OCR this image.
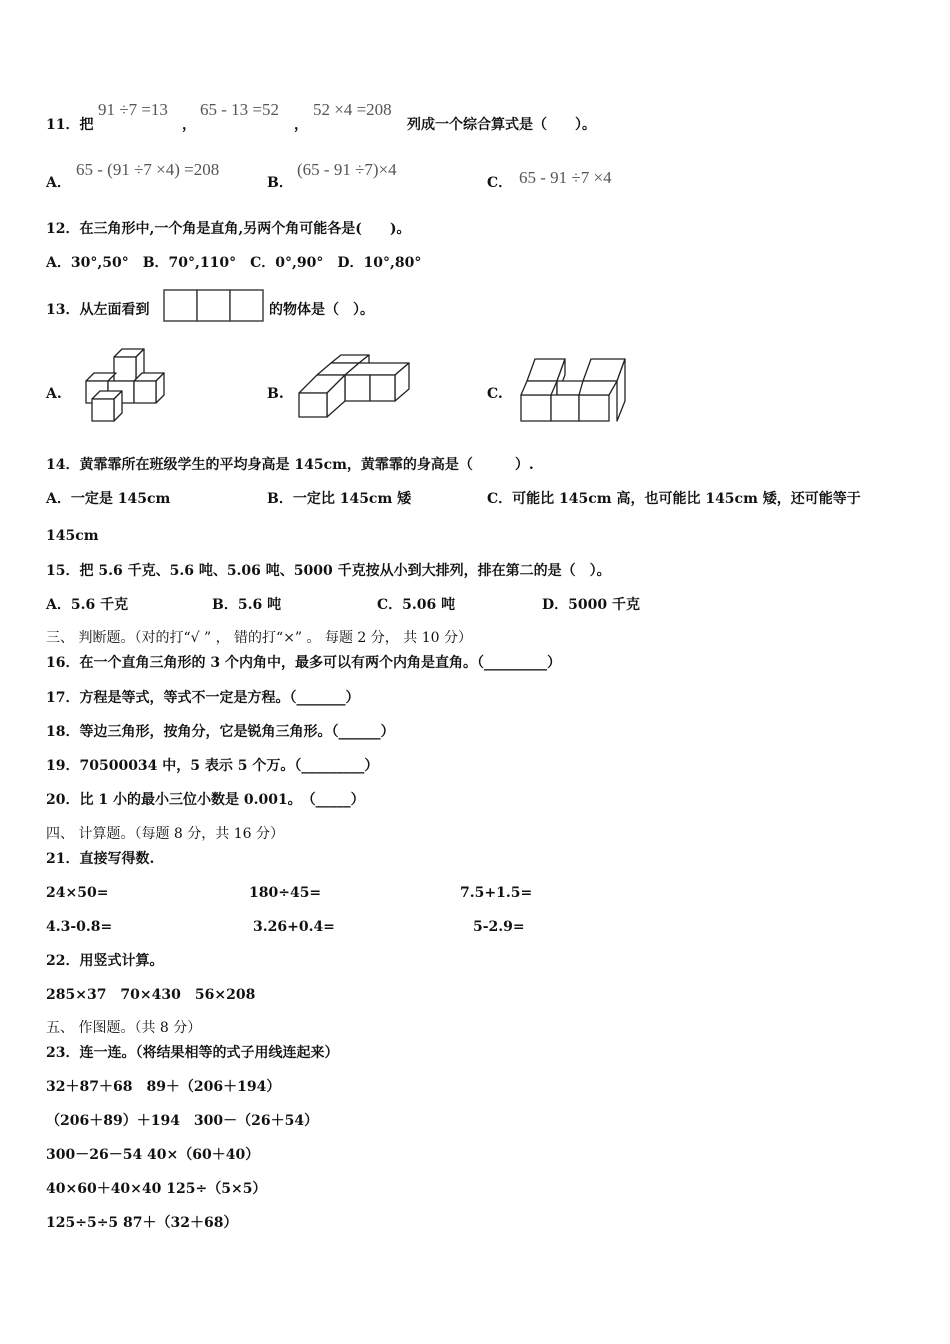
11．把
91 ÷7 =13
，
65 - 13 =52
，
52 ×4 =208
列成一个综合算式是（　　）。
A．
65 - (91 ÷7 ×4) =208
B．
(65 - 91 ÷7)×4
C． 65 - 91 ÷7 ×4
12．在三角形中,一个角是直角,另两个角可能各是(　　)。
A．30°,50°　B．70°,110°　C．0°,90°　D．10°,80°
13．从左面看到	的物体是（　）。
A.	B.	C.
14．黄霏霏所在班级学生的平均身高是 145cm，黄霏霏的身高是（　　　）.
A．一定是 145cm	B．一定比 145cm 矮	C．可能比 145cm 高，也可能比 145cm 矮，还可能等于
145cm
15．把 5.6 千克、5.6 吨、5.06 吨、5000 千克按从小到大排列，排在第二的是（　）。
A．5.6 千克	B．5.6 吨	C．5.06 吨	D．5000 千克
三、 判断题。（对的打“√ ” ， 错的打“×” 。 每题 2 分， 共 10 分）
16．在一个直角三角形的 3 个内角中，最多可以有两个内角是直角。（_________）
17．方程是等式，等式不一定是方程。（_______）
18．等边三角形，按角分，它是锐角三角形。（______）
19．70500034 中，5 表示 5 个万。（_________）
20．比 1 小的最小三位小数是 0.001。　（_____）
四、 计算题。（每题 8 分，共 16 分）
21．直接写得数.
24×50=	180÷45=	7.5+1.5=
4.3-0.8=	3.26+0.4=	5-2.9=
22．用竖式计算。
285×37　70×430　56×208
五、 作图题。（共 8 分）
23．连一连。（将结果相等的式子用线连起来）
32＋87＋68　89＋（206＋194）
（206＋89）＋194　300－（26＋54）
300－26－54 40×（60＋40）
40×60＋40×40 125÷（5×5）
125÷5÷5 87＋（32＋68）
